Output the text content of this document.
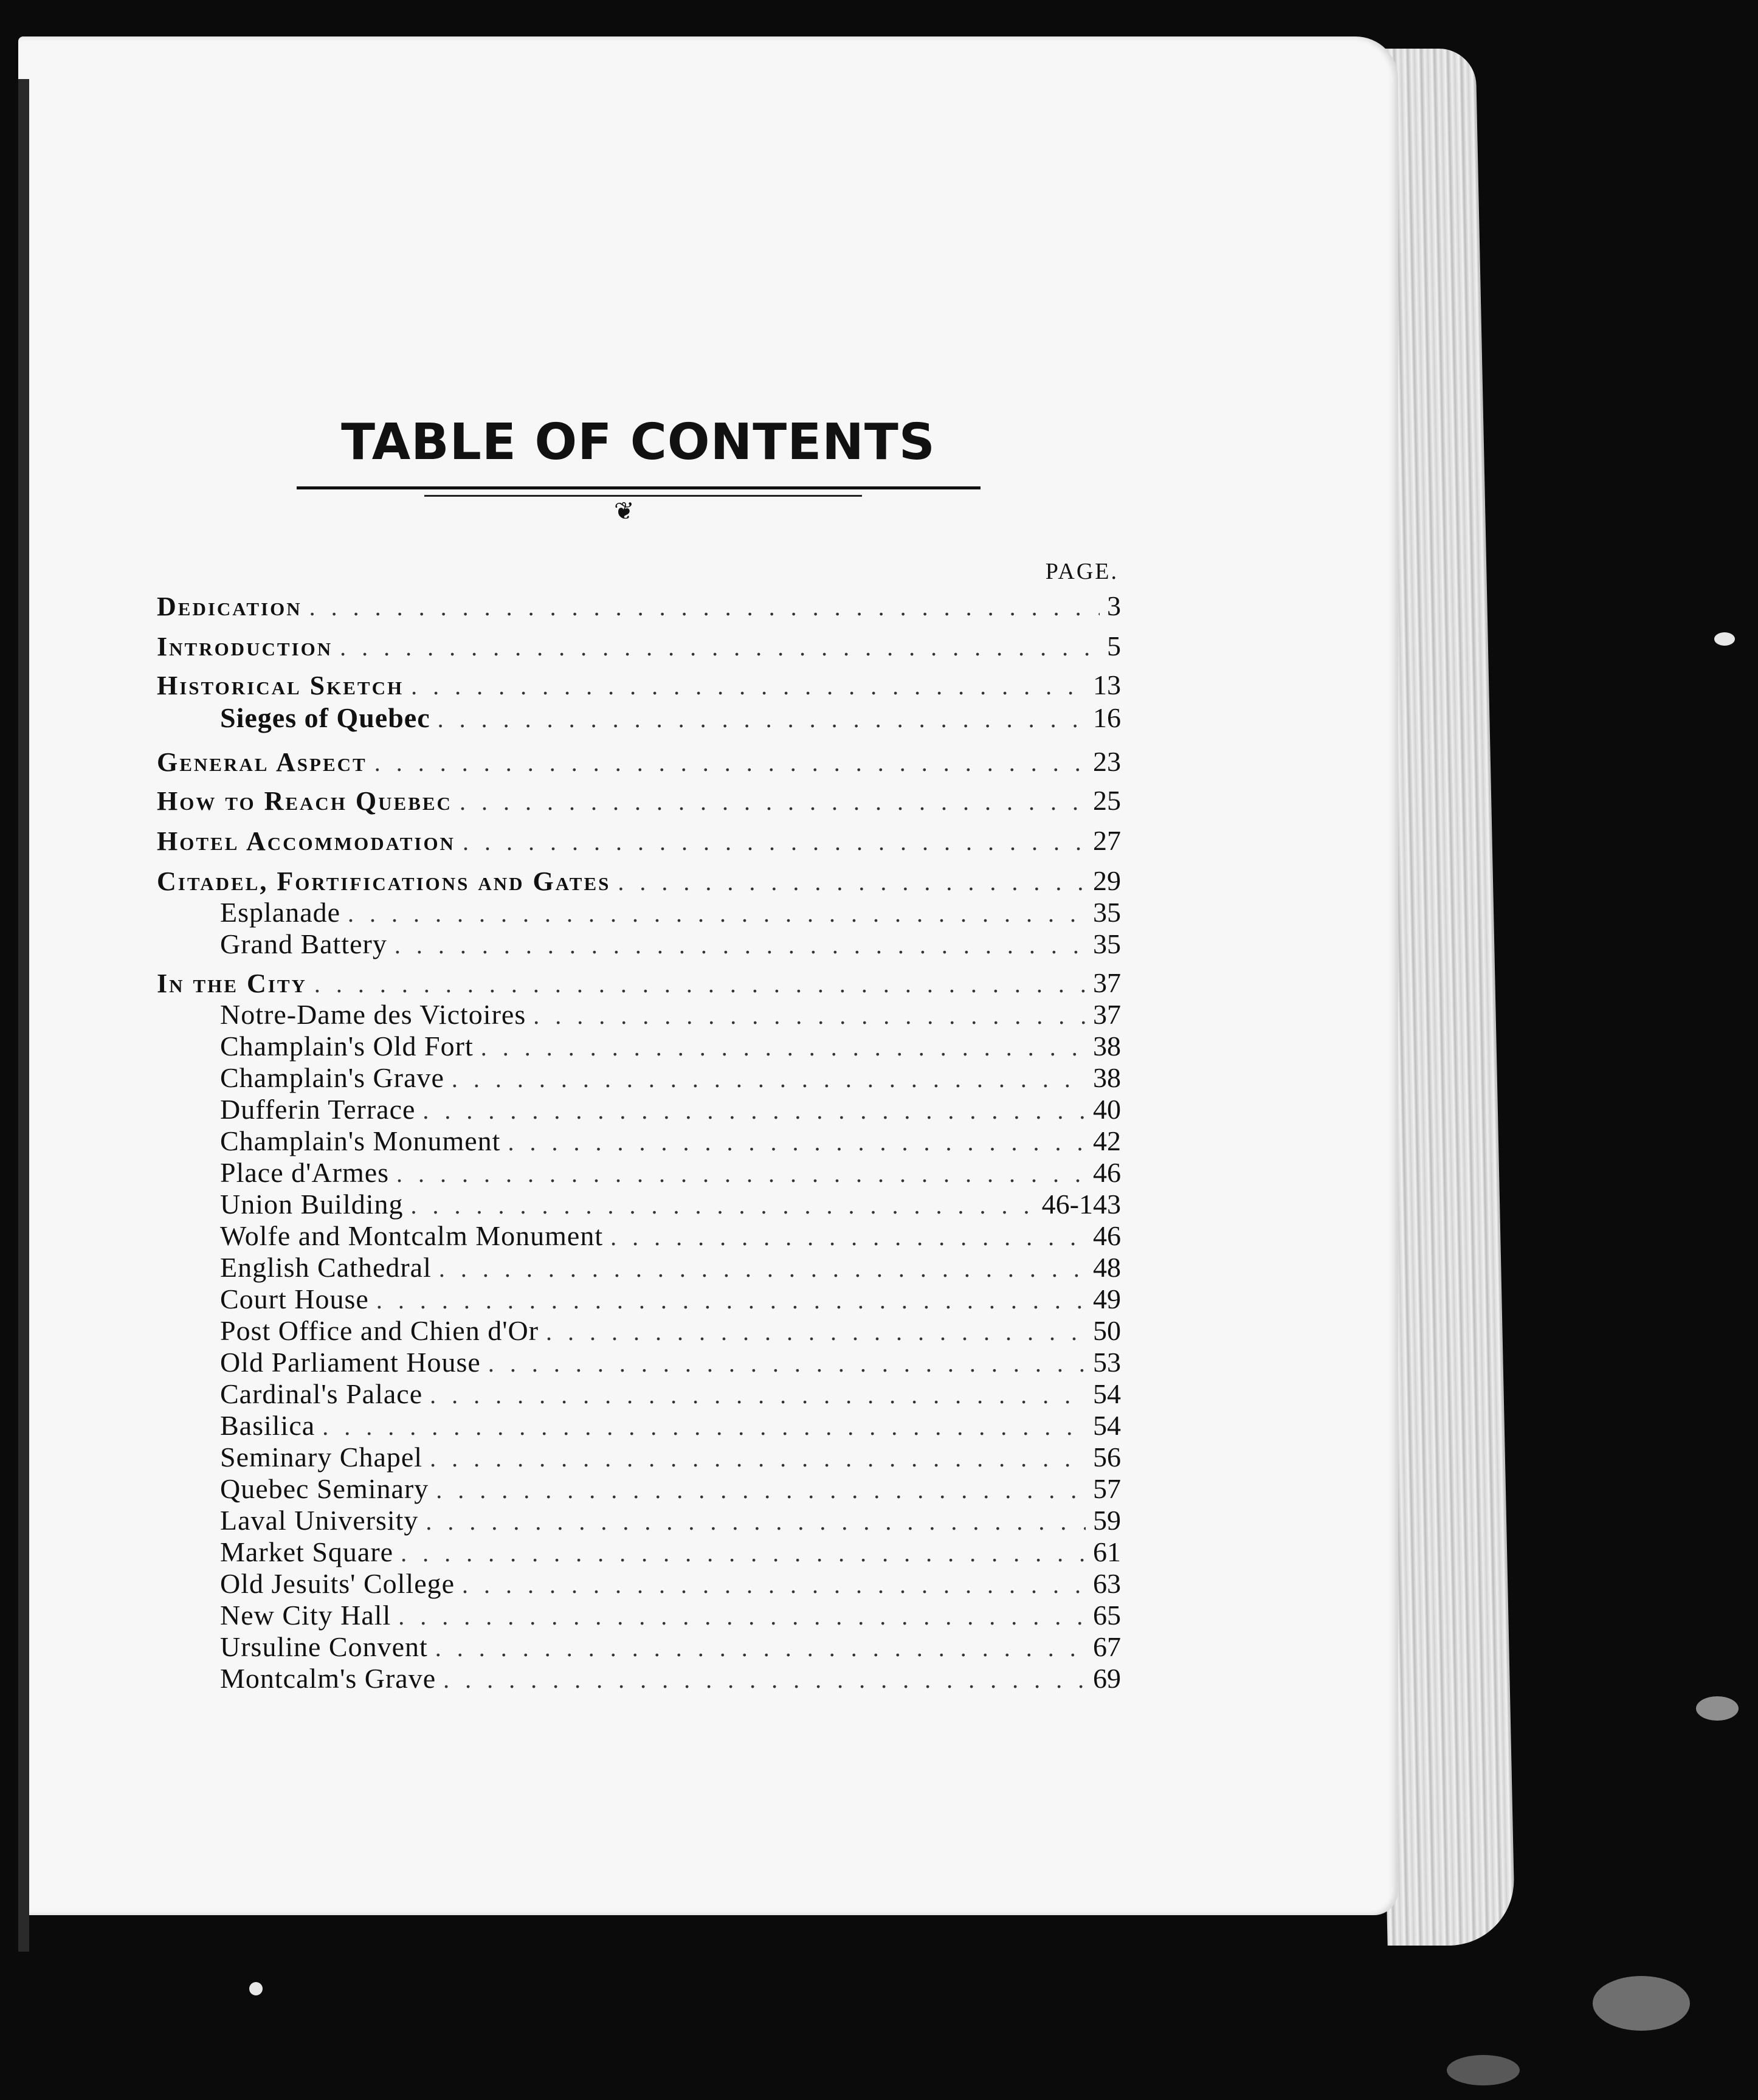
TABLE OF CONTENTS
❦
PAGE.
Dedication . . .	3
Introduction . . .	5
Historical Sketch . . .	13
Sieges of Quebec . . .	16
General Aspect . . .	23
How to Reach Quebec . . .	25
Hotel Accommodation . . .	27
Citadel, Fortifications and Gates . . .	29
Esplanade . . .	35
Grand Battery . . .	35
In the City . . .	37
Notre-Dame des Victoires . . .	37
Champlain's Old Fort . . .	38
Champlain's Grave . . .	38
Dufferin Terrace . . .	40
Champlain's Monument . . .	42
Place d'Armes . . .	46
Union Building . . .	46-143
Wolfe and Montcalm Monument . . .	46
English Cathedral . . .	48
Court House . . .	49
Post Office and Chien d'Or . . .	50
Old Parliament House . . .	53
Cardinal's Palace . . .	54
Basilica . . .	54
Seminary Chapel . . .	56
Quebec Seminary . . .	57
Laval University . . .	59
Market Square . . .	61
Old Jesuits' College . . .	63
New City Hall . . .	65
Ursuline Convent . . .	67
Montcalm's Grave . . .	69
